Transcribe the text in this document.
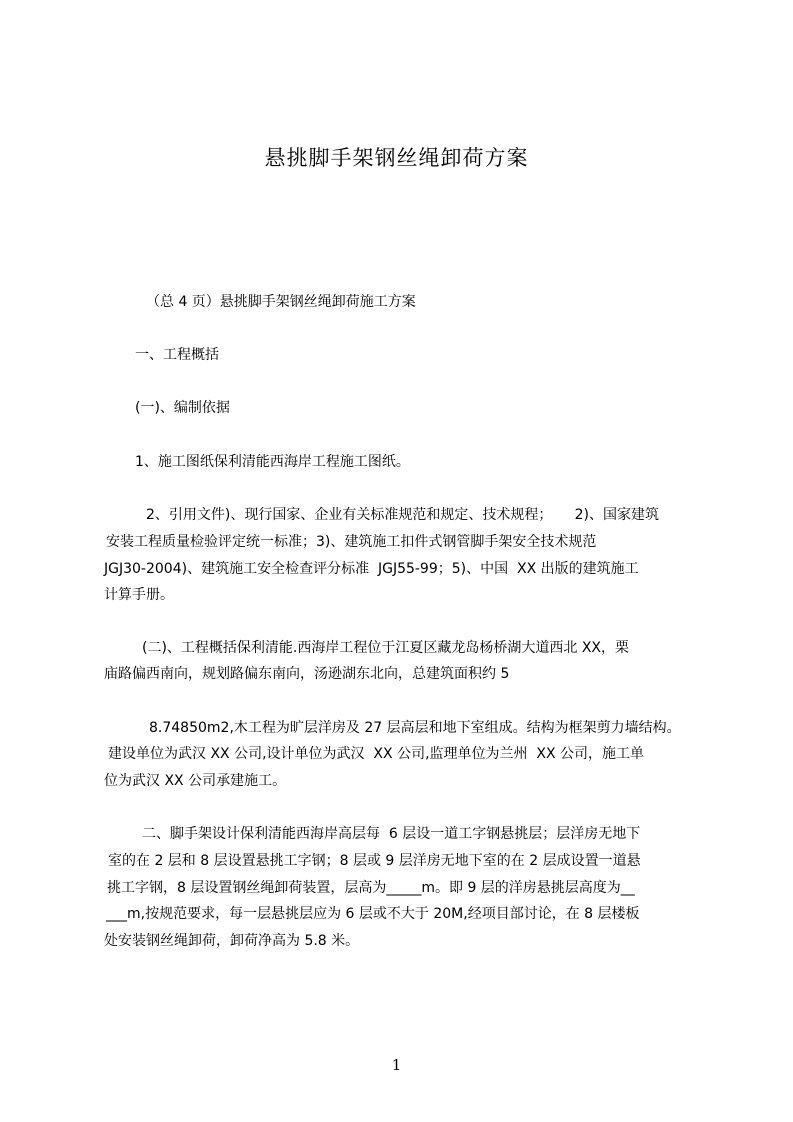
悬挑脚手架钢丝绳卸荷方案
（总 4 页）悬挑脚手架钢丝绳卸荷施工方案
一、工程概括
(一)、编制依据
1、施工图纸保利清能西海岸工程施工图纸。
2、引用文件)、现行国家、企业有关标准规范和规定、技术规程；     2)、国家建筑
安装工程质量检验评定统一标准；3)、建筑施工扣件式钢管脚手架安全技术规范
JGJ30-2004)、建筑施工安全检查评分标准  JGJ55-99；5)、中国  XX 出版的建筑施工
计算手册。
(二)、工程概括保利清能.西海岸工程位于江夏区藏龙岛杨桥湖大道西北 XX，栗
庙路偏西南向，规划路偏东南向，汤逊湖东北向，总建筑面积约 5
8.74850m2,木工程为旷层洋房及 27 层高层和地下室组成。结构为框架剪力墙结构。
建设单位为武汉 XX 公司,设计单位为武汉  XX 公司,监理单位为兰州  XX 公司，施工单
位为武汉 XX 公司承建施工。
二、脚手架设计保利清能西海岸高层每  6 层设一道工字钢悬挑层；层洋房无地下
室的在 2 层和 8 层设置悬挑工字钢；8 层或 9 层洋房无地下室的在 2 层成设置一道悬
挑工字钢，8 层设置钢丝绳卸荷装置，层高为_____m。即 9 层的洋房悬挑层高度为__
___m,按规范要求，每一层悬挑层应为 6 层或不大于 20M,经项目部讨论，在 8 层楼板
处安装钢丝绳卸荷，卸荷净高为 5.8 米。
1
